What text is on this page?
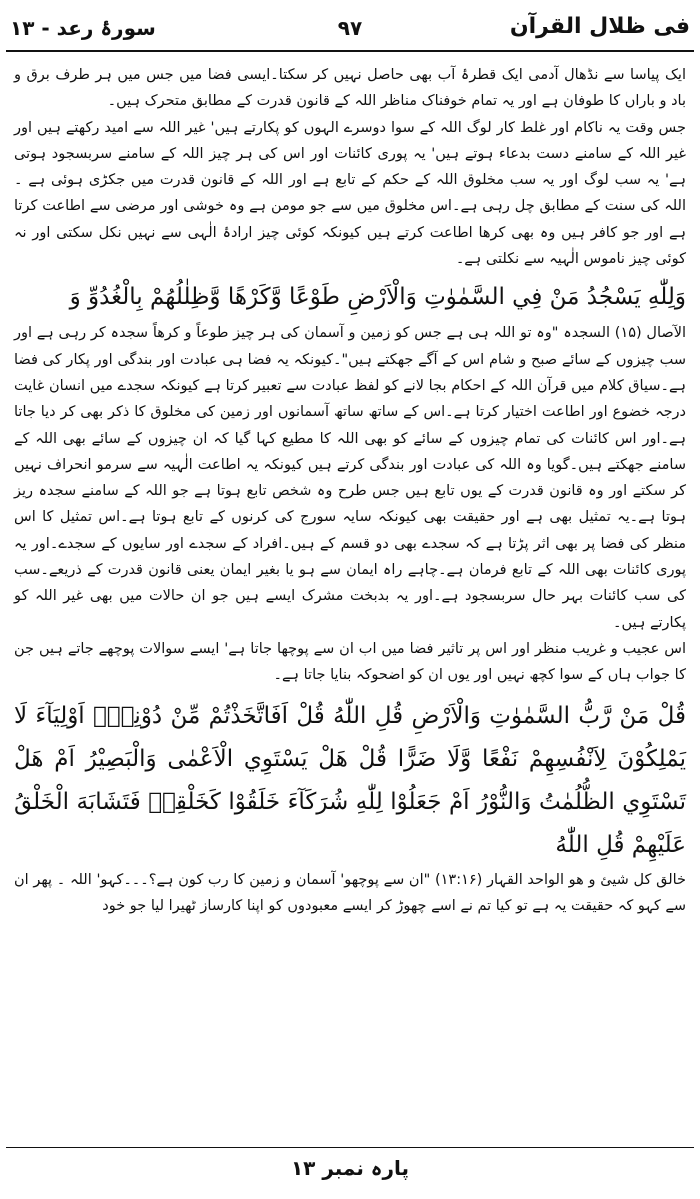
فی ظلال القرآن
۹۷
سورۂ رعد - ۱۳

ایک پیاسا سے نڈھال آدمی ایک قطرۂ آب بھی حاصل نہیں کر سکتا۔ایسی فضا میں جس میں ہر طرف برق و باد و باراں کا طوفان ہے اور یہ تمام خوفناک مناظر اللہ کے قانون قدرت کے مطابق متحرک ہیں۔

جس وقت یہ ناکام اور غلط کار لوگ اللہ کے سوا دوسرے الہوں کو پکارتے ہیں' غیر اللہ سے امید رکھتے ہیں اور غیر اللہ کے سامنے دست بدعاء ہوتے ہیں' یہ پوری کائنات اور اس کی ہر چیز اللہ کے سامنے سربسجود ہوتی ہے' یہ سب لوگ اور یہ سب مخلوق اللہ کے حکم کے تابع ہے اور اللہ کے قانون قدرت میں جکڑی ہوئی ہے ۔ اللہ کی سنت کے مطابق چل رہی ہے۔اس مخلوق میں سے جو مومن ہے وہ خوشی اور مرضی سے اطاعت کرتا ہے اور جو کافر ہیں وہ بھی کرھا اطاعت کرتے ہیں کیونکہ کوئی چیز ارادۂ الٰہی سے نہیں نکل سکتی اور نہ کوئی چیز ناموس الٰہیہ سے نکلتی ہے۔

وَلِلّٰهِ يَسْجُدُ مَنْ فِي السَّمٰوٰتِ وَالْاَرْضِ طَوْعًا وَّكَرْهًا وَّظِلٰلُهُمْ بِالْغُدُوِّ وَ

الآصال (۱۵) السجدہ "وہ تو اللہ ہی ہے جس کو زمین و آسمان کی ہر چیز طوعاً و کرھاً سجدہ کر رہی ہے اور سب چیزوں کے سائے صبح و شام اس کے آگے جھکتے ہیں"۔کیونکہ یہ فضا ہی عبادت اور بندگی اور پکار کی فضا ہے۔سیاق کلام میں قرآن اللہ کے احکام بجا لانے کو لفظ عبادت سے تعبیر کرتا ہے کیونکہ سجدے میں انسان غایت درجہ خضوع اور اطاعت اختیار کرتا ہے۔اس کے ساتھ ساتھ آسمانوں اور زمین کی مخلوق کا ذکر بھی کر دیا جاتا ہے۔اور اس کائنات کی تمام چیزوں کے سائے کو بھی اللہ کا مطیع کہا گیا کہ ان چیزوں کے سائے بھی اللہ کے سامنے جھکتے ہیں۔گویا وہ اللہ کی عبادت اور بندگی کرتے ہیں کیونکہ یہ اطاعت الٰہیہ سے سرمو انحراف نہیں کر سکتے اور وہ قانون قدرت کے یوں تابع ہیں جس طرح وہ شخص تابع ہوتا ہے جو اللہ کے سامنے سجدہ ریز ہوتا ہے۔یہ تمثیل بھی ہے اور حقیقت بھی کیونکہ سایہ سورج کی کرنوں کے تابع ہوتا ہے۔اس تمثیل کا اس منظر کی فضا پر بھی اثر پڑتا ہے کہ سجدے بھی دو قسم کے ہیں۔افراد کے سجدے اور سایوں کے سجدے۔اور یہ پوری کائنات بھی اللہ کے تابع فرمان ہے۔چاہے راہ ایمان سے ہو یا بغیر ایمان یعنی قانون قدرت کے ذریعے۔سب کی سب کائنات بہر حال سربسجود ہے۔اور یہ بدبخت مشرک ایسے ہیں جو ان حالات میں بھی غیر اللہ کو پکارتے ہیں۔

اس عجیب و غریب منظر اور اس پر تاثیر فضا میں اب ان سے پوچھا جاتا ہے' ایسے سوالات پوچھے جاتے ہیں جن کا جواب ہاں کے سوا کچھ نہیں اور یوں ان کو اضحوکہ بنایا جاتا ہے۔

قُلْ مَنْ رَّبُّ السَّمٰوٰتِ وَالْاَرْضِ قُلِ اللّٰهُ قُلْ اَفَاتَّخَذْتُمْ مِّنْ دُوْنِهٖٓ اَوْلِيَآءَ لَا يَمْلِكُوْنَ لِاَنْفُسِهِمْ نَفْعًا وَّلَا ضَرًّا قُلْ هَلْ يَسْتَوِي الْاَعْمٰى وَالْبَصِيْرُ اَمْ هَلْ تَسْتَوِي الظُّلُمٰتُ وَالنُّوْرُ اَمْ جَعَلُوْا لِلّٰهِ شُرَكَآءَ خَلَقُوْا كَخَلْقِهٖ فَتَشَابَهَ الْخَلْقُ عَلَيْهِمْ قُلِ اللّٰهُ

خالق کل شیئ و ھو الواحد القہار (۱۳:۱۶) "ان سے پوچھو' آسمان و زمین کا رب کون ہے؟۔۔۔کہو' اللہ ۔ پھر ان سے کہو کہ حقیقت یہ ہے تو کیا تم نے اسے چھوڑ کر ایسے معبودوں کو اپنا کارساز ٹھیرا لیا جو خود

پارہ نمبر ۱۳
